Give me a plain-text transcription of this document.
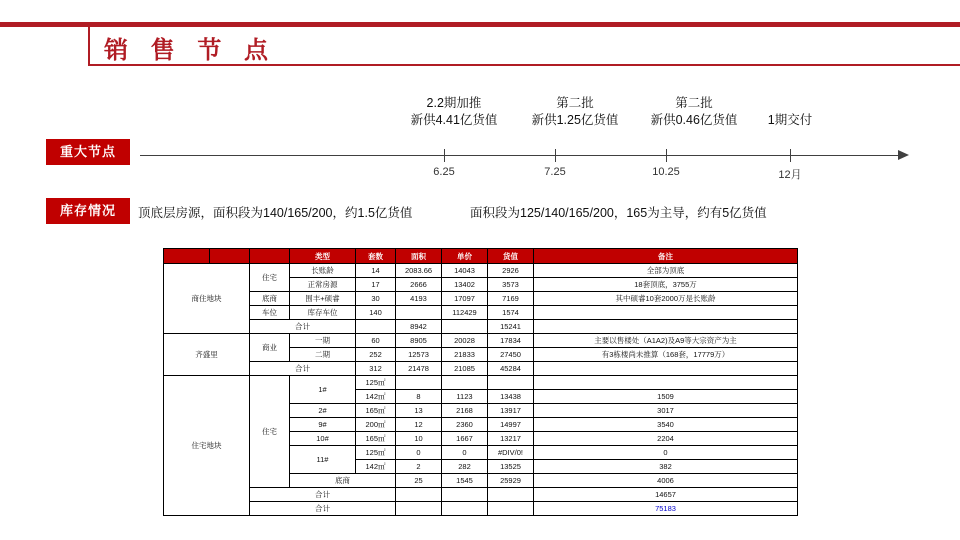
销 售 节 点
重大节点
库存情况
6.25	7.25	10.25	12月
2.2期加推
新供4.41亿货值
第二批
新供1.25亿货值
第二批
新供0.46亿货值 1期交付
顶底层房源，面积段为140/165/200，约1.5亿货值	面积段为125/140/165/200，165为主导，约有5亿货值
			类型	套数	面积	单价	货值	备注	
商住地块		住宅	长账龄	14	2083.66	14043	2926	全部为顶底	
			正常房源	17	2666	13402	3573	18套顶底，3755万	
		底商	围丰+硕睿	30	4193	17097	7169	其中硕睿10套2000万是长账龄	
		车位	库存车位	140		112429	1574		
		合计			8942		15241		
齐盛里		商业	一期	60	8905	20028	17834	主要以售楼处（A1A2)及A9等大宗资产为主	
			二期	252	12573	21833	27450	有3栋楼尚未推算（168套，17779万）	
		合计		312	21478	21085	45284		
住宅地块		住宅	1#	125㎡					
				142㎡	8	1123	13438	1509	
			2#	165㎡	13	2168	13917	3017	
			9#	200㎡	12	2360	14997	3540	
			10#	165㎡	10	1667	13217	2204	
			11#	125㎡	0	0	#DIV/0!	0	
				142㎡	2	282	13525	382	
			底商		25	1545	25929	4006	
		合计						14657	
		合计						75183	
